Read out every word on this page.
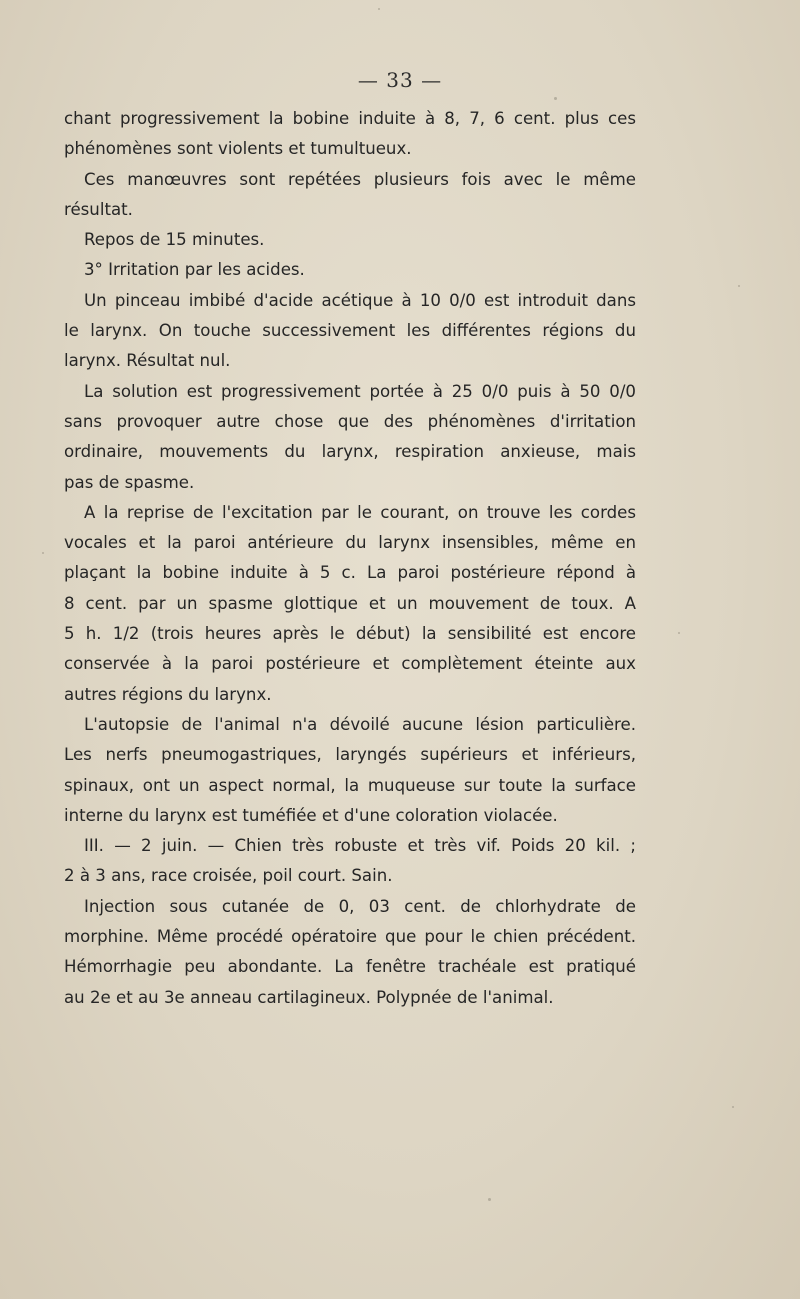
— 33 —
chant progressivement la bobine induite à 8, 7, 6 cent. plus ces
phénomènes sont violents et tumultueux.
Ces manœuvres sont repétées plusieurs fois avec le même
résultat.
Repos de 15 minutes.
3° Irritation par les acides.
Un pinceau imbibé d'acide acétique à 10 0/0 est introduit dans
le larynx. On touche successivement les différentes régions du
larynx. Résultat nul.
La solution est progressivement portée à 25 0/0 puis à 50 0/0
sans provoquer autre chose que des phénomènes d'irritation
ordinaire, mouvements du larynx, respiration anxieuse, mais
pas de spasme.
A la reprise de l'excitation par le courant, on trouve les cordes
vocales et la paroi antérieure du larynx insensibles, même en
plaçant la bobine induite à 5 c. La paroi postérieure répond à
8 cent. par un spasme glottique et un mouvement de toux. A
5 h. 1/2 (trois heures après le début) la sensibilité est encore
conservée à la paroi postérieure et complètement éteinte aux
autres régions du larynx.
L'autopsie de l'animal n'a dévoilé aucune lésion particulière.
Les nerfs pneumogastriques, laryngés supérieurs et inférieurs,
spinaux, ont un aspect normal, la muqueuse sur toute la surface
interne du larynx est tuméfiée et d'une coloration violacée.
III. — 2 juin. — Chien très robuste et très vif. Poids 20 kil. ;
2 à 3 ans, race croisée, poil court. Sain.
Injection sous cutanée de 0, 03 cent. de chlorhydrate de
morphine. Même procédé opératoire que pour le chien précédent.
Hémorrhagie peu abondante. La fenêtre trachéale est pratiqué
au 2e et au 3e anneau cartilagineux. Polypnée de l'animal.
